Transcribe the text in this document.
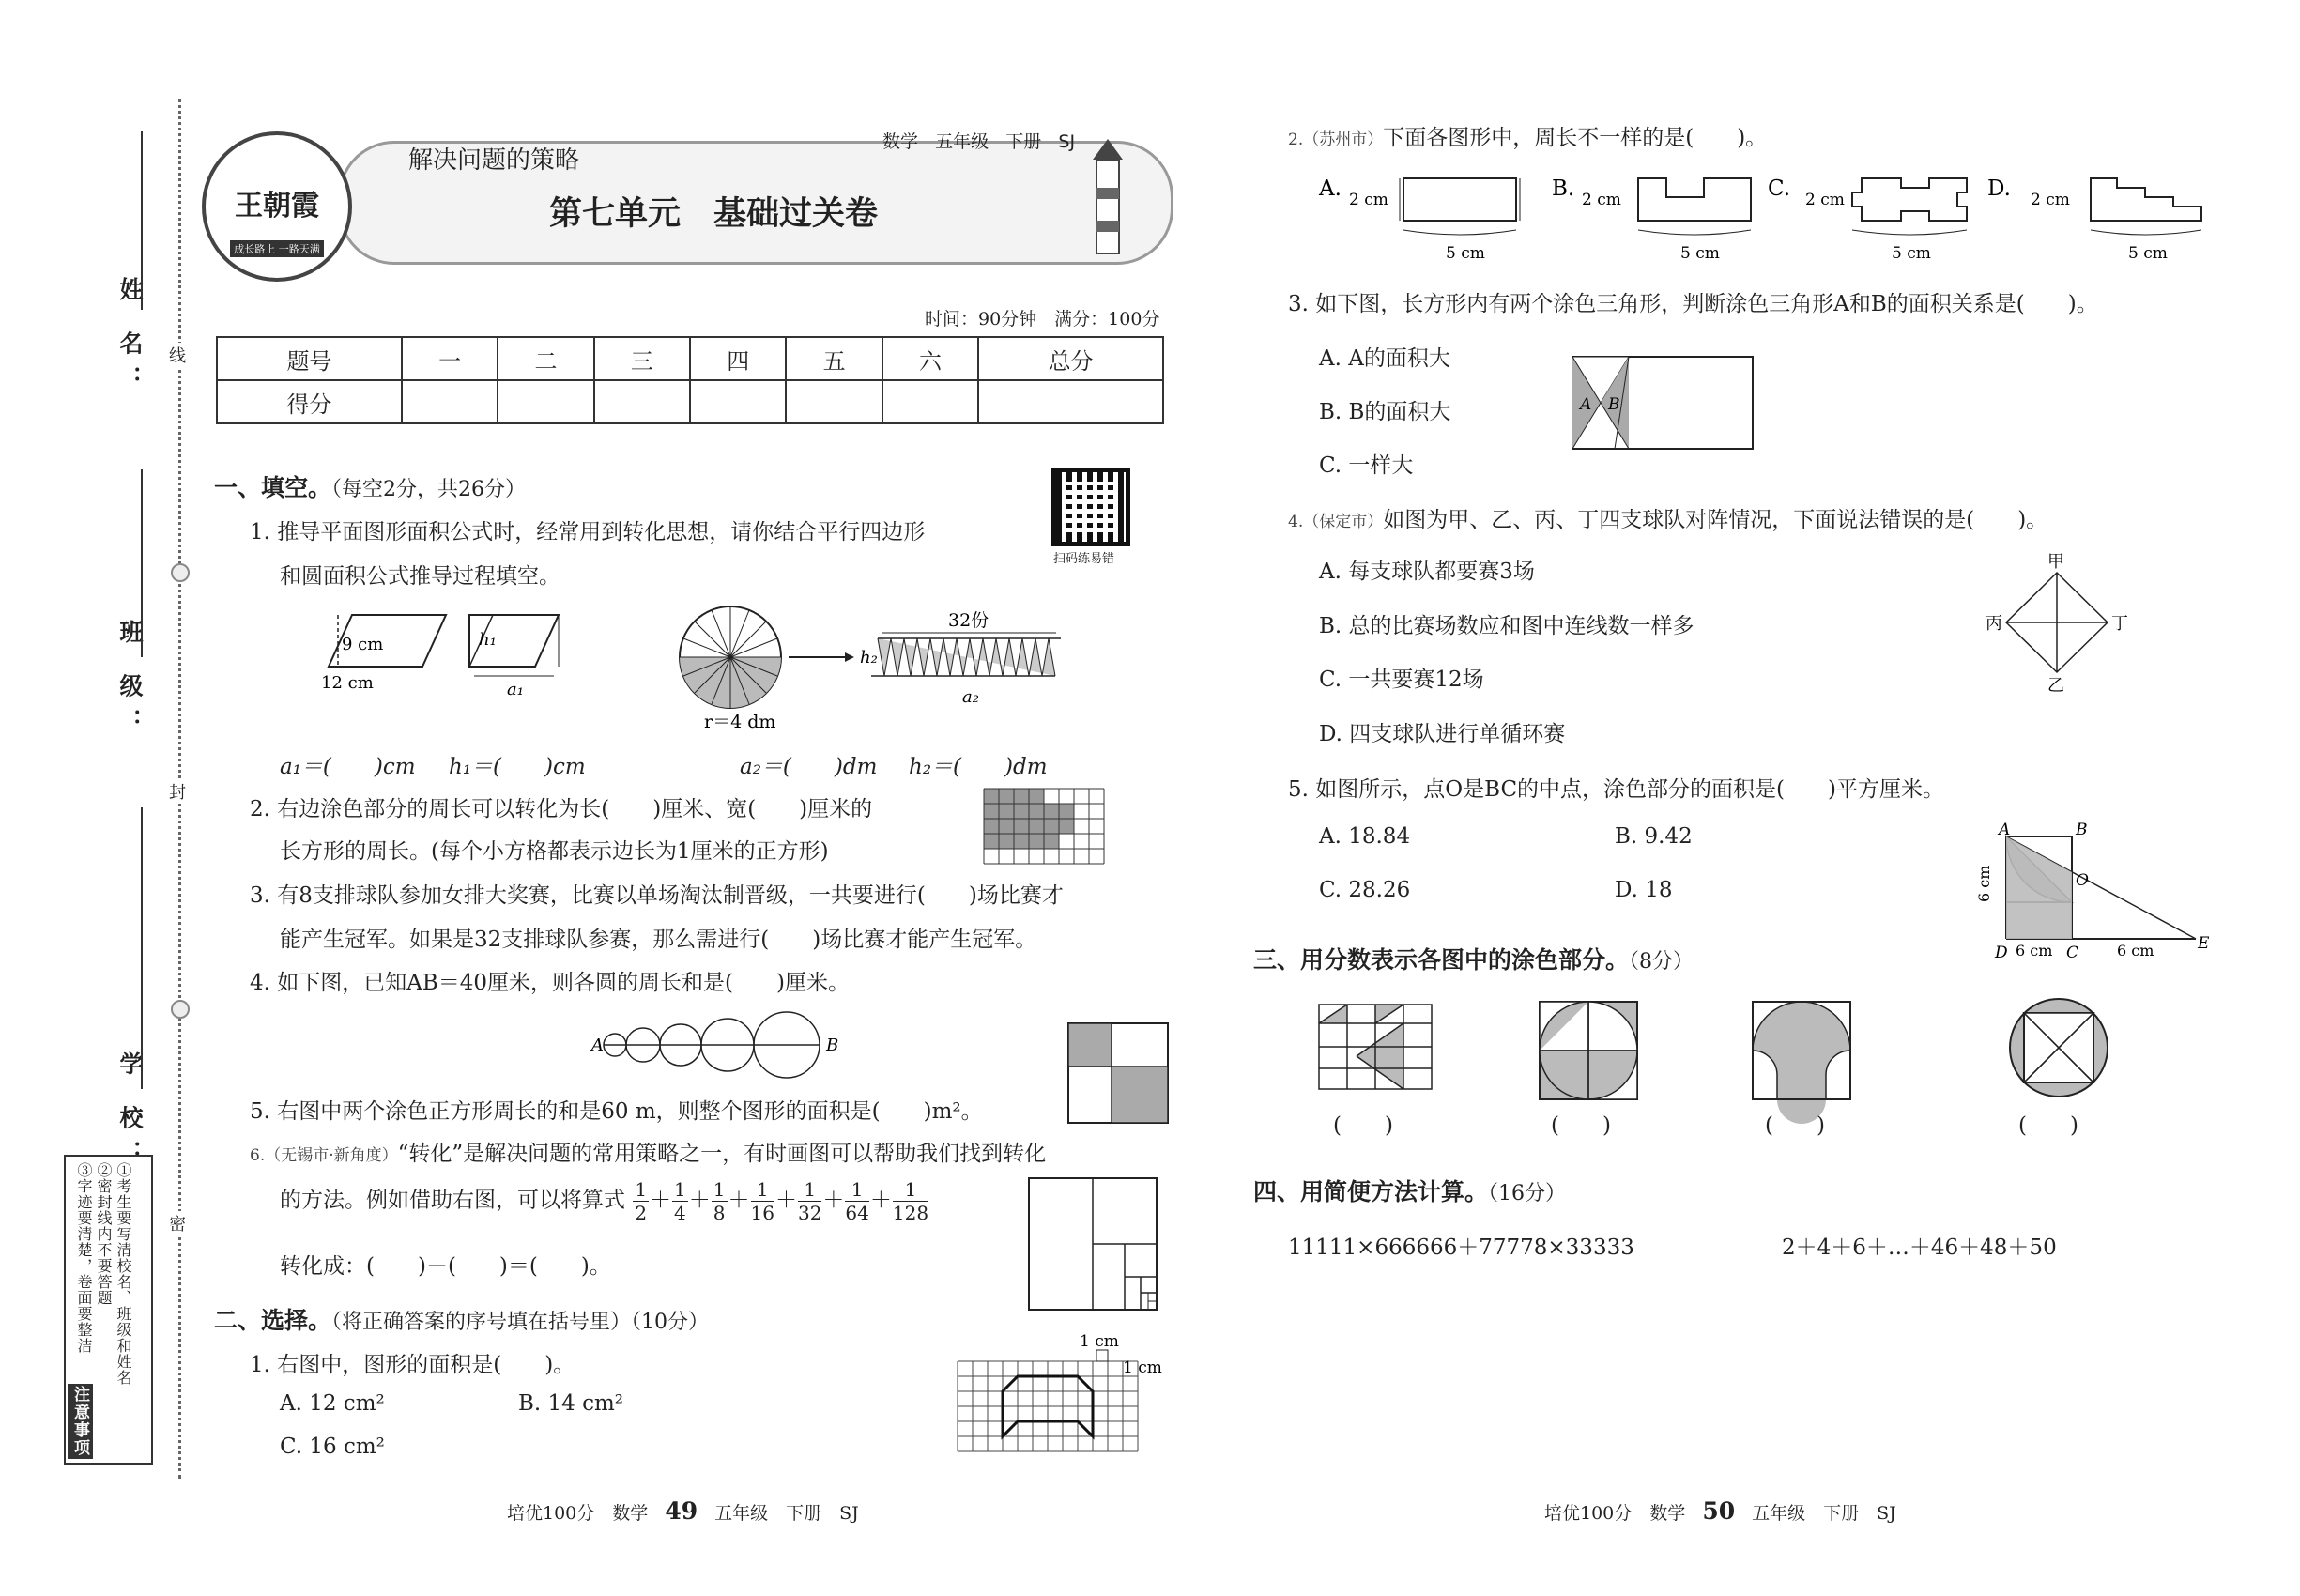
姓 名：
班 级：
学 校：
线
封
密
注意事项
①考生要写清校名、班级和姓名
②密封线内不要答题
③字迹要清楚，卷面要整洁
王朝霞
成长路上 一路天满
解决问题的策略
数学 五年级 下册 SJ
第七单元　基础过关卷
时间：90分钟　满分：100分
题号	一	二	三	四	五	六	总分
得分							
扫码练易错
一、填空。（每空2分，共26分）
1. 推导平面图形面积公式时，经常用到转化思想，请你结合平行四边形
和圆面积公式推导过程填空。
9 cm
12 cm
h₁
a₁
32份
h₂
a₂
r＝4 dm
a₁＝(　　)cm h₁＝(　　)cm	a₂＝(　　)dm h₂＝(　　)dm
2. 右边涂色部分的周长可以转化为长(　　)厘米、宽(　　)厘米的
长方形的周长。(每个小方格都表示边长为1厘米的正方形)
3. 有8支排球队参加女排大奖赛，比赛以单场淘汰制晋级，一共要进行(　　)场比赛才
能产生冠军。如果是32支排球队参赛，那么需进行(　　)场比赛才能产生冠军。
4. 如下图，已知AB＝40厘米，则各圆的周长和是(　　)厘米。
A	B
5. 右图中两个涂色正方形周长的和是60 m，则整个图形的面积是(　　)m²。
6.（无锡市·新角度）“转化”是解决问题的常用策略之一，有时画图可以帮助我们找到转化
的方法。例如借助右图，可以将算式 $\frac{1}{2} + \frac{1}{4} + \frac{1}{8} + \frac{1}{16} + \frac{1}{32} + \frac{1}{64} + \frac{1}{128}$
转化成：(　　)－(　　)＝(　　)。
二、选择。（将正确答案的序号填在括号里）（10分）
1. 右图中，图形的面积是(　　)。
A. 12 cm²	B. 14 cm²
C. 16 cm²
1 cm
1 cm
2.（苏州市）下面各图形中，周长不一样的是(　　)。
A. 2 cm
5 cm
B. 2 cm
5 cm
C. 2 cm
5 cm
D. 2 cm
5 cm
3. 如下图，长方形内有两个涂色三角形，判断涂色三角形A和B的面积关系是(　　)。
A. A的面积大
B. B的面积大
C. 一样大
A B
4.（保定市）如图为甲、乙、丙、丁四支球队对阵情况，下面说法错误的是(　　)。
A. 每支球队都要赛3场
B. 总的比赛场数应和图中连线数一样多
C. 一共要赛12场
D. 四支球队进行单循环赛
甲
乙
丙	丁
5. 如图所示，点O是BC的中点，涂色部分的面积是(　　)平方厘米。
A. 18.84	B. 9.42
C. 28.26	D. 18
A	B
O
D	C	E
6 cm
6 cm	6 cm
三、用分数表示各图中的涂色部分。（8分）
(　　)	(　　)	(　　)	(　　)
四、用简便方法计算。（16分）
11111×666666＋77778×33333	2＋4＋6＋…＋46＋48＋50
培优100分　数学 49 五年级　下册　SJ	培优100分　数学 50 五年级　下册　SJ
